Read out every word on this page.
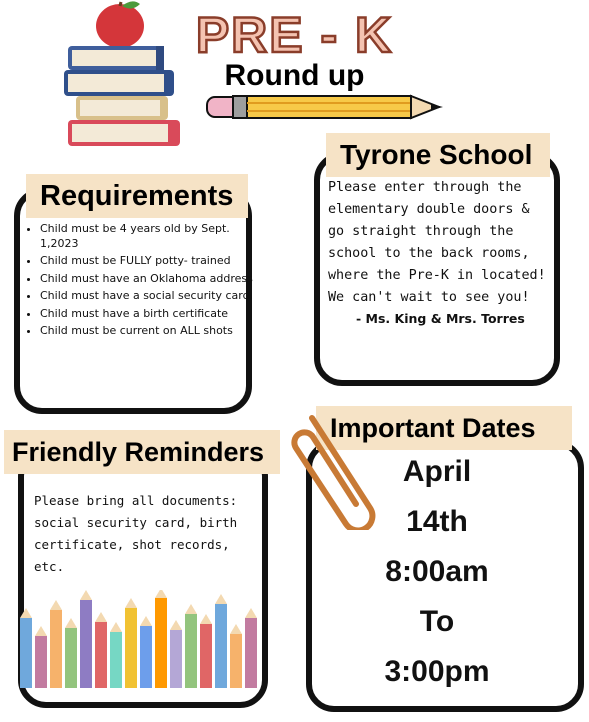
PRE - K
Round up
Requirements
• Child must be 4 years old by Sept. 1,2023
• Child must be FULLY potty- trained
• Child must have an Oklahoma address
• Child must have a social security card.
• Child must have a birth certificate
• Child must be current on ALL shots
Tyrone School
Please enter through the
elementary double doors &
go straight through the
school to the back rooms,
where the Pre-K in located!
We can't wait to see you!
- Ms. King & Mrs. Torres
Friendly Reminders
Please bring all documents:
social security card, birth
certificate, shot records, etc.
Important Dates
April
14th
8:00am
To
3:00pm
